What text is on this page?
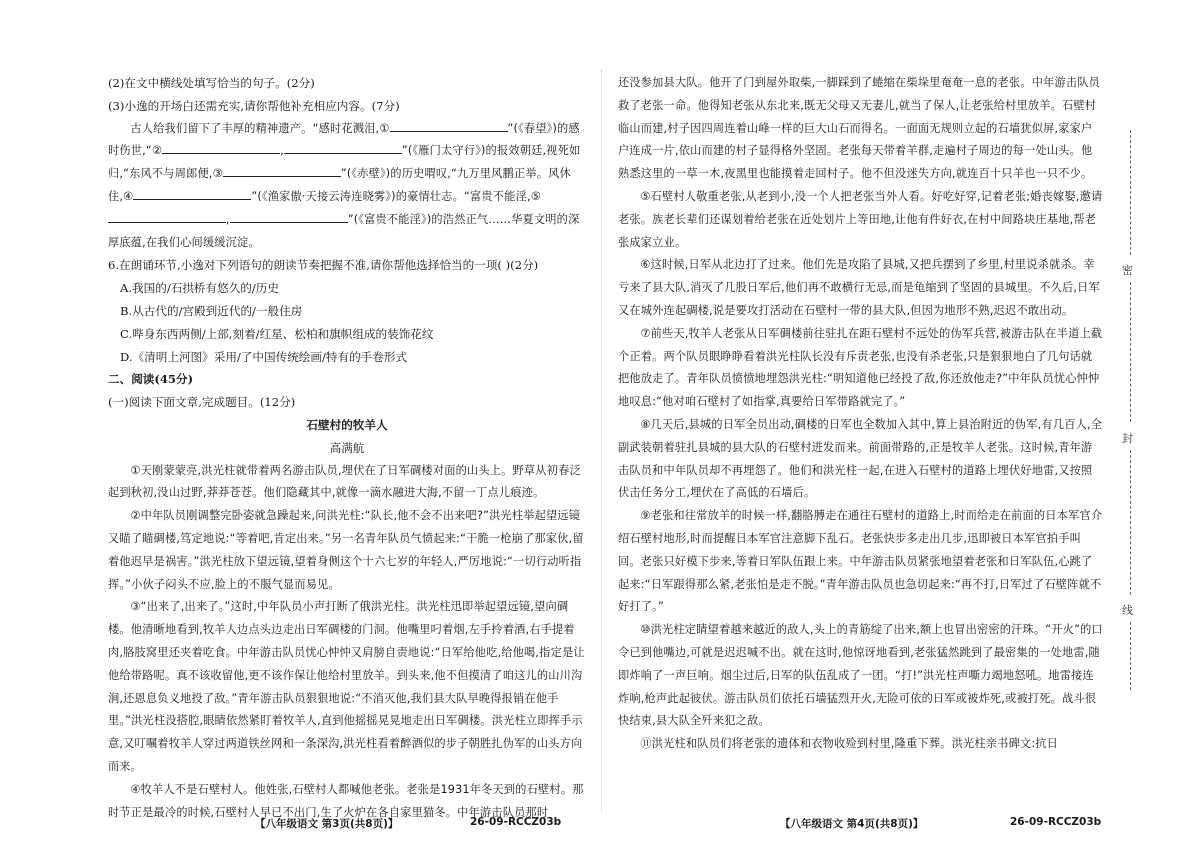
(2)在文中横线处填写恰当的句子。(2分)

(3)小逸的开场白还需充实,请你帮他补充相应内容。(7分)

古人给我们留下了丰厚的精神遗产。“感时花溅泪,①	”(《春望》)的感时伤世,“②	,	”(《雁门太守行》)的报效朝廷,视死如归,“东风不与周郎便,③	”(《赤壁》)的历史喟叹,“九万里风鹏正举。风休住,④	”(《渔家傲·天接云涛连晓雾》)的豪情壮志。“富贵不能淫,⑤,	”(《富贵不能淫》)的浩然正气……华夏文明的深厚底蕴,在我们心间缓缓沉淀。

6.在朗诵环节,小逸对下列语句的朗读节奏把握不准,请你帮他选择恰当的一项( )(2分)

A.我国的/石拱桥有悠久的/历史

B.从古代的/宫殿到近代的/一般住房

C.哔身东西两侧/上部,刻着/红星、松柏和旗帜组成的装饰花纹

D.《清明上河图》采用/了中国传统绘画/特有的手卷形式

二、阅读(45分)

(一)阅读下面文章,完成题目。(12分)

石壁村的牧羊人

高满航

①天刚蒙蒙亮,洪光柱就带着两名游击队员,埋伏在了日军碉楼对面的山头上。野草从初春泛起到秋初,没山过野,莽莽苍苍。他们隐藏其中,就像一滴水融进大海,不留一丁点儿痕迹。

②中年队员刚调整完卧姿就急躁起来,问洪光柱:“队长,他不会不出来吧?”洪光柱举起望远镜又瞄了瞄碉楼,笃定地说:“等着吧,肯定出来。”另一名青年队员气愤起来:“干脆一枪崩了那家伙,留着他迟早是祸害。”洪光柱放下望远镜,望着身侧这个十六七岁的年轻人,严厉地说:“一切行动听指挥。”小伙子闷头不应,脸上的不服气显而易见。

③“出来了,出来了。”这时,中年队员小声打断了俄洪光柱。洪光柱迅即举起望远镜,望向碉楼。他清晰地看到,牧羊人边点头边走出日军碉楼的门洞。他嘴里叼着烟,左手拎着酒,右手提着肉,胳肢窝里还夹着吃食。中年游击队员忧心忡忡又肩膀自责地说:“日军给他吃,给他喝,指定是让他给带路呢。真不该收留他,更不该作保让他给村里放羊。到头来,他不但摸清了咱这儿的山川沟涧,还恩息负义地投了敌。”青年游击队员狠狠地说:“不消灭他,我们县大队早晚得报销在他手里。”洪光柱没搭腔,眼睛依然紧盯着牧羊人,直到他摇摇晃晃地走出日军碉楼。洪光柱立即挥手示意,又叮嘱着牧羊人穿过两道铁丝网和一条深沟,洪光柱看着醉酒似的步子朝胜扎伪军的山头方向而来。

④牧羊人不是石壁村人。他姓张,石壁村人都喊他老张。老张是1931年冬天到的石壁村。那时节正是最冷的时候,石壁村人早已不出门,生了火炉在各自家里猫冬。中年游击队员那时

还没参加县大队。他开了门到屋外取柴,一脚踩到了蜷缩在柴垛里奄奄一息的老张。中年游击队员救了老张一命。他得知老张从东北来,既无父母又无妻儿,就当了保人,让老张给村里放羊。石壁村临山而建,村子因四周连着山峰一样的巨大山石而得名。一面面无规则立起的石墙犹似屏,家家户户连成一片,依山而建的村子显得格外坚固。老张每天带着羊群,走遍村子周边的每一处山头。他熟悉这里的一草一木,夜黑里也能摸着走回村子。他不但没迷失方向,就连百十只羊也一只不少。

⑤石壁村人敬重老张,从老到小,没一个人把老张当外人看。好吃好穿,记着老张;婚丧嫁娶,邀请老张。族老长辈们还谋划着给老张在近处划片上等田地,让他有件好衣,在村中间路块庄基地,帮老张成家立业。

⑥这时候,日军从北边打了过来。他们先是攻陷了县城,又把兵摆到了乡里,村里说杀就杀。幸亏来了县大队,消灭了几股日军后,他们再不敢横行无忌,而是龟缩到了坚固的县城里。不久后,日军又在城外连起碉楼,说是要攻打活动在石壁村一带的县大队,但因为地形不熟,迟迟不敢出动。

⑦前些天,牧羊人老张从日军碉楼前往驻扎在距石壁村不远处的伪军兵营,被游击队在半道上截个正着。两个队员眼睁睁看着洪光柱队长没有斥责老张,也没有杀老张,只是狠狠地白了几句话就把他放走了。青年队员愤愤地埋怨洪光柱:“明知道他已经投了敌,你还放他走?”中年队员忧心忡忡地叹息:“他对咱石壁村了如指掌,真要给日军带路就完了。”

⑧几天后,县城的日军全员出动,碉楼的日军也全数加入其中,算上县治附近的伪军,有几百人,全副武装朝着驻扎县城的县大队的石壁村进发而来。前面带路的,正是牧羊人老张。这时候,青年游击队员和中年队员却不再埋怨了。他们和洪光柱一起,在进入石壁村的道路上埋伏好地雷,又按照伏击任务分工,埋伏在了高低的石墙后。

⑨老张和往常放羊的时候一样,翻胳膊走在通往石壁村的道路上,时而给走在前面的日本军官介绍石壁村地形,时而提醒日本军官注意脚下乱石。老张快步多走出几步,迅即被日本军官拍手叫回。老张只好模下步来,等着日军队伍跟上来。中年游击队员紧张地望着老张和日军队伍,心跳了起来:“日军跟得那么紧,老张怕是走不脱。”青年游击队员也急切起来:“再不打,日军过了石壁阵就不好打了。”

⑩洪光柱定睛望着越来越近的敌人,头上的青筋绽了出来,额上也冒出密密的汗珠。“开火”的口令已到他嘴边,可就是迟迟喊不出。就在这时,他惊讶地看到,老张猛然跳到了最密集的一处地雷,随即炸响了一声巨响。烟尘过后,日军的队伍乱成了一团。“打!”洪光柱声嘶力竭地怒吼。地雷接连炸响,枪声此起彼伏。游击队员们依托石墙猛烈开火,无险可依的日军或被炸死,或被打死。战斗很快结束,县大队全歼来犯之敌。

⑪洪光柱和队员们将老张的遗体和衣物收殓到村里,隆重下葬。洪光柱亲书碑文:抗日

【八年级语文 第3页(共8页)】	26-09-RCCZ03b	【八年级语文 第4页(共8页)】	26-09-RCCZ03b
密
封
线
